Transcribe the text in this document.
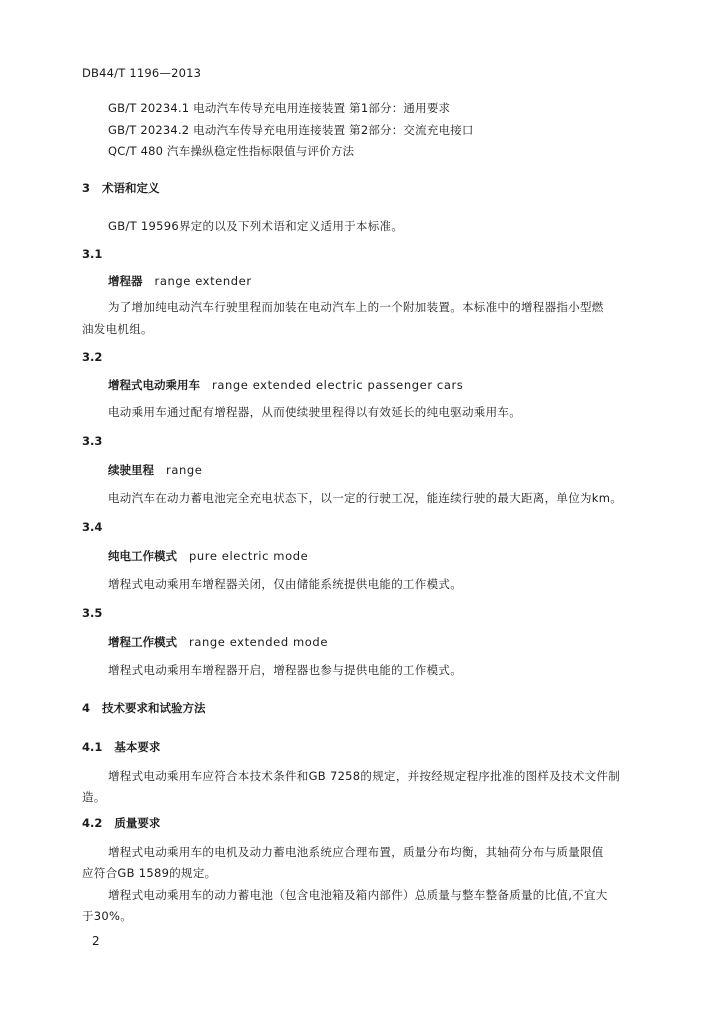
DB44/T 1196—2013
GB/T 20234.1 电动汽车传导充电用连接装置 第1部分：通用要求
GB/T 20234.2 电动汽车传导充电用连接装置 第2部分：交流充电接口
QC/T 480 汽车操纵稳定性指标限值与评价方法
3 术语和定义
GB/T 19596界定的以及下列术语和定义适用于本标准。
3.1
增程器 range extender
为了增加纯电动汽车行驶里程而加装在电动汽车上的一个附加装置。本标准中的增程器指小型燃
油发电机组。
3.2
增程式电动乘用车 range extended electric passenger cars
电动乘用车通过配有增程器，从而使续驶里程得以有效延长的纯电驱动乘用车。
3.3
续驶里程 range
电动汽车在动力蓄电池完全充电状态下，以一定的行驶工况，能连续行驶的最大距离，单位为km。
3.4
纯电工作模式 pure electric mode
增程式电动乘用车增程器关闭，仅由储能系统提供电能的工作模式。
3.5
增程工作模式 range extended mode
增程式电动乘用车增程器开启，增程器也参与提供电能的工作模式。
4 技术要求和试验方法
4.1 基本要求
增程式电动乘用车应符合本技术条件和GB 7258的规定，并按经规定程序批准的图样及技术文件制
造。
4.2 质量要求
增程式电动乘用车的电机及动力蓄电池系统应合理布置，质量分布均衡，其轴荷分布与质量限值
应符合GB 1589的规定。
增程式电动乘用车的动力蓄电池（包含电池箱及箱内部件）总质量与整车整备质量的比值,不宜大
于30%。
2
